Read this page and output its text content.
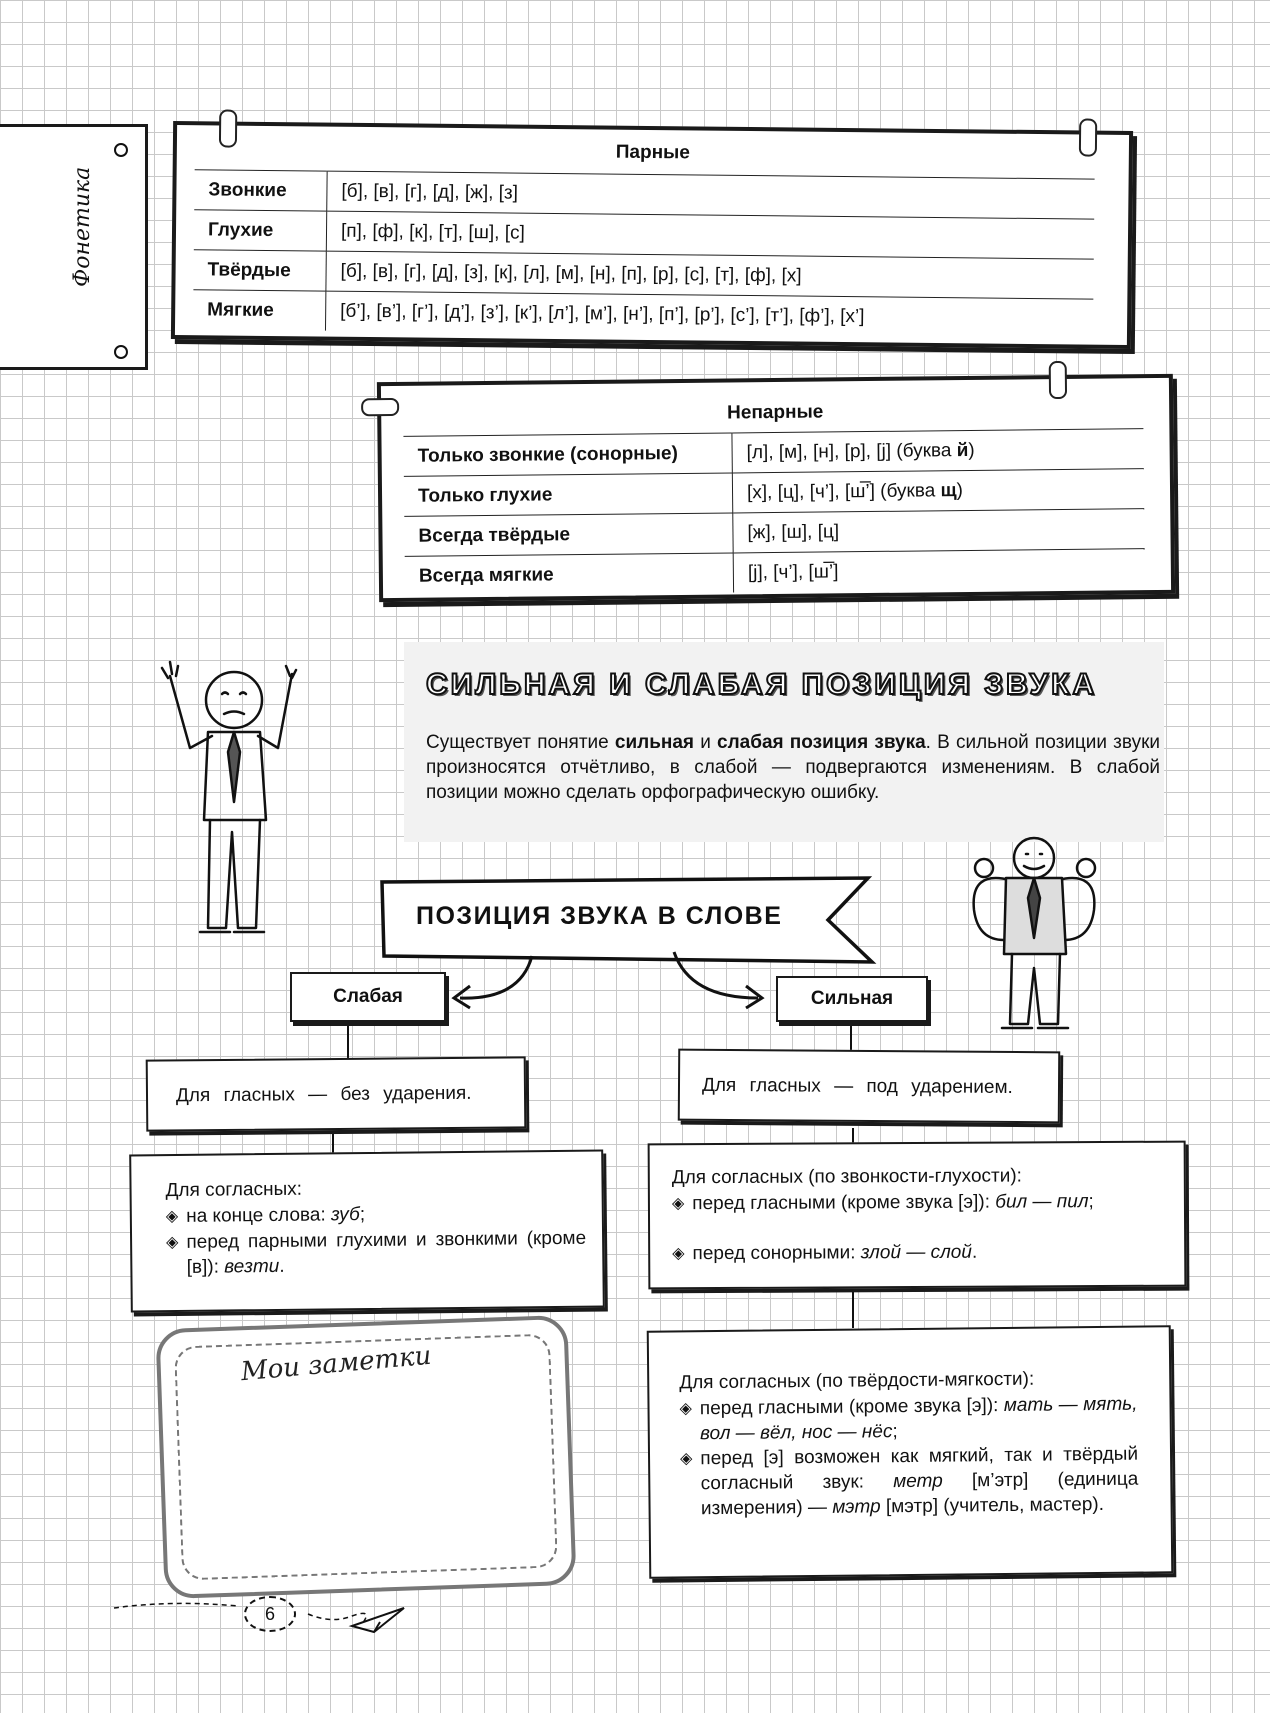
Фонетика
Парные
Звонкие	[б], [в], [г], [д], [ж], [з]
Глухие	[п], [ф], [к], [т], [ш], [с]
Твёрдые	[б], [в], [г], [д], [з], [к], [л], [м], [н], [п], [р], [с], [т], [ф], [х]
Мягкие	[б’], [в’], [г’], [д’], [з’], [к’], [л’], [м’], [н’], [п’], [р’], [с’], [т’], [ф’], [х’]
Непарные
Только звонкие (сонорные)	[л], [м], [н], [р], [j] (буква й)
Только глухие	[х], [ц], [ч’], [ш̅’] (буква щ)
Всегда твёрдые	[ж], [ш], [ц]
Всегда мягкие	[j], [ч’], [ш̅’]
СИЛЬНАЯ И СЛАБАЯ ПОЗИЦИЯ ЗВУКА
Существует понятие сильная и слабая позиция звука. В сильной позиции звуки произносятся отчётливо, в слабой — подвергаются изменениям. В слабой позиции можно сделать орфографическую ошибку.
ПОЗИЦИЯ ЗВУКА В СЛОВЕ
Слабая	Сильная
Для гласных — без ударения.	Для гласных — под ударением.
Для согласных:
◈ на конце слова: зуб;
◈ перед парными глухими и звонкими (кроме [в]): везти.
Для согласных (по звонкости-глухости):
◈ перед гласными (кроме звука [э]): бил — пил;
◈ перед сонорными: злой — слой.
Для согласных (по твёрдости-мягкости):
◈ перед гласными (кроме звука [э]): мать — мять, вол — вёл, нос — нёс;
◈ перед [э] возможен как мягкий, так и твёрдый согласный звук: метр [м’этр] (единица измерения) — мэтр [мэтр] (учитель, мастер).
Мои заметки
6
